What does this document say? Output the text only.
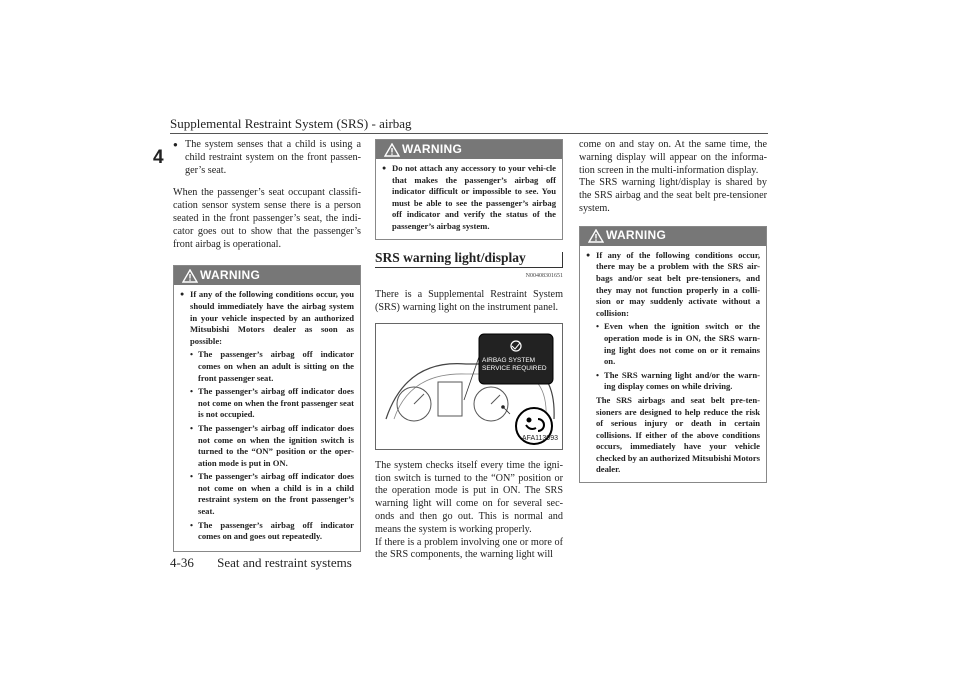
Supplemental Restraint System (SRS) - airbag
4

● The system senses that a child is using a child restraint system on the front passen-ger’s seat.

When the passenger’s seat occupant classifi-cation sensor system sense there is a person seated in the front passenger’s seat, the indi-cator goes out to show that the passenger’s front airbag is operational.

WARNING
● If any of the following conditions occur, you should immediately have the airbag system in your vehicle inspected by an authorized Mitsubishi Motors dealer as soon as possible:
• The passenger’s airbag off indicator comes on when an adult is sitting on the front passenger seat.
• The passenger’s airbag off indicator does not come on when the front passenger seat is not occupied.
• The passenger’s airbag off indicator does not come on when the ignition switch is turned to the “ON” position or the oper-ation mode is put in ON.
• The passenger’s airbag off indicator does not come on when a child is in a child restraint system on the front passenger’s seat.
• The passenger’s airbag off indicator comes on and goes out repeatedly.
WARNING
● Do not attach any accessory to your vehi-cle that makes the passenger’s airbag off indicator difficult or impossible to see. You must be able to see the passenger’s airbag off indicator and verify the status of the passenger’s airbag system.
SRS warning light/display
N00408301651

There is a Supplemental Restraint System (SRS) warning light on the instrument panel.

AIRBAG SYSTEM
SERVICE REQUIRED
AFA113993

The system checks itself every time the igni-tion switch is turned to the “ON” position or the operation mode is put in ON. The SRS warning light will come on for several sec-onds and then go out. This is normal and means the system is working properly.

If there is a problem involving one or more of the SRS components, the warning light will

come on and stay on. At the same time, the warning display will appear on the informa-tion screen in the multi-information display.

The SRS warning light/display is shared by the SRS airbag and the seat belt pre-tensioner system.

WARNING
● If any of the following conditions occur, there may be a problem with the SRS air-bags and/or seat belt pre-tensioners, and they may not function properly in a colli-sion or may suddenly activate without a collision:
• Even when the ignition switch or the operation mode is in ON, the SRS warn-ing light does not come on or it remains on.
• The SRS warning light and/or the warn-ing display comes on while driving.
The SRS airbags and seat belt pre-ten-sioners are designed to help reduce the risk of serious injury or death in certain collisions. If either of the above conditions occurs, immediately have your vehicle checked by an authorized Mitsubishi Motors dealer.
4-36 Seat and restraint systems
